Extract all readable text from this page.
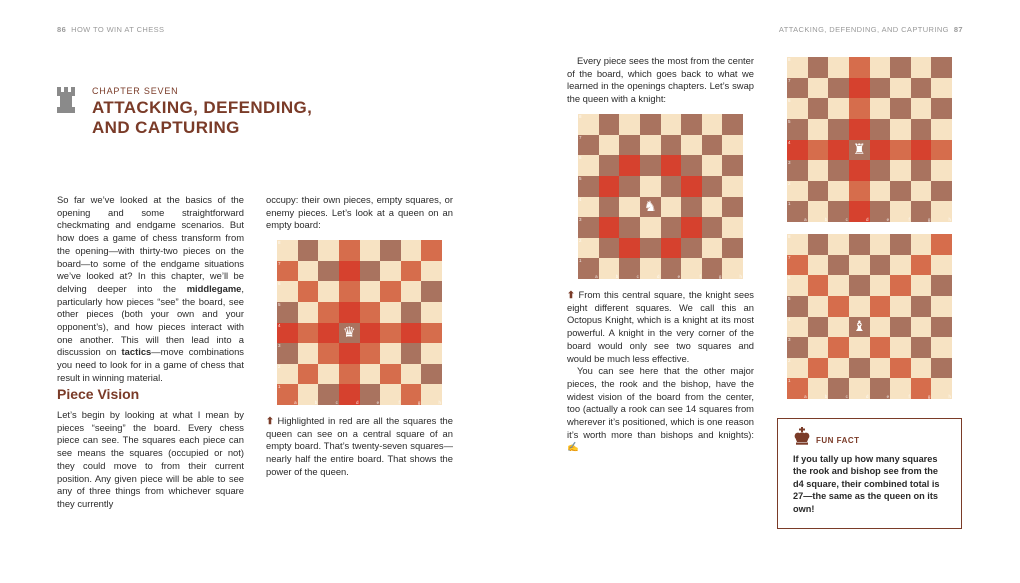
86 HOW TO WIN AT CHESS	ATTACKING, DEFENDING, AND CAPTURING 87
CHAPTER SEVEN
ATTACKING, DEFENDING,
AND CAPTURING

So far we’ve looked at the basics of the opening and some straightforward checkmating and endgame scenarios. But how does a game of chess transform from the opening—with thirty-two pieces on the board—to some of the endgame situations we’ve looked at? In this chapter, we’ll be delving deeper into the middlegame, particularly how pieces “see” the board, see other pieces (both your own and your opponent’s), and how pieces interact with one another. This will then lead into a discussion on tactics—move combinations you need to look for in a game of chess that result in winning material.

Piece Vision

Let’s begin by looking at what I mean by pieces “seeing” the board. Every chess piece can see. The squares each piece can see means the squares (occupied or not) they could move to from their current position. Any given piece will be able to see any of three things from whichever square they currently

occupy: their own pieces, empty squares, or enemy pieces. Let’s look at a queen on an empty board:

8
7
6
5
4	♛
3
2
1
a	b	c	d	e	f	g	h

⬆ Highlighted in red are all the squares the queen can see on a central square of an empty board. That’s twenty-seven squares—nearly half the entire board. That shows the power of the queen.

Every piece sees the most from the center of the board, which goes back to what we learned in the openings chapters. Let’s swap the queen with a knight:

8
7
6
5
4	♞
3
2
1
a	b	c	d	e	f	g	h

⬆ From this central square, the knight sees eight different squares. We call this an Octopus Knight, which is a knight at its most powerful. A knight in the very corner of the board would only see two squares and would be much less effective.

You can see here that the other major pieces, the rook and the bishop, have the widest vision of the board from the center, too (actually a rook can see 14 squares from wherever it’s positioned, which is one reason it’s worth more than bishops and knights): ✍

8
7
6
5
4	♜
3
2
1
a	b	c	d	e	f	g	h
8
7
6
5
4	♝
3
2
1
a	b	c	d	e	f	g	h
FUN FACT
If you tally up how many squares the rook and bishop see from the d4 square, their combined total is 27—the same as the queen on its own!
